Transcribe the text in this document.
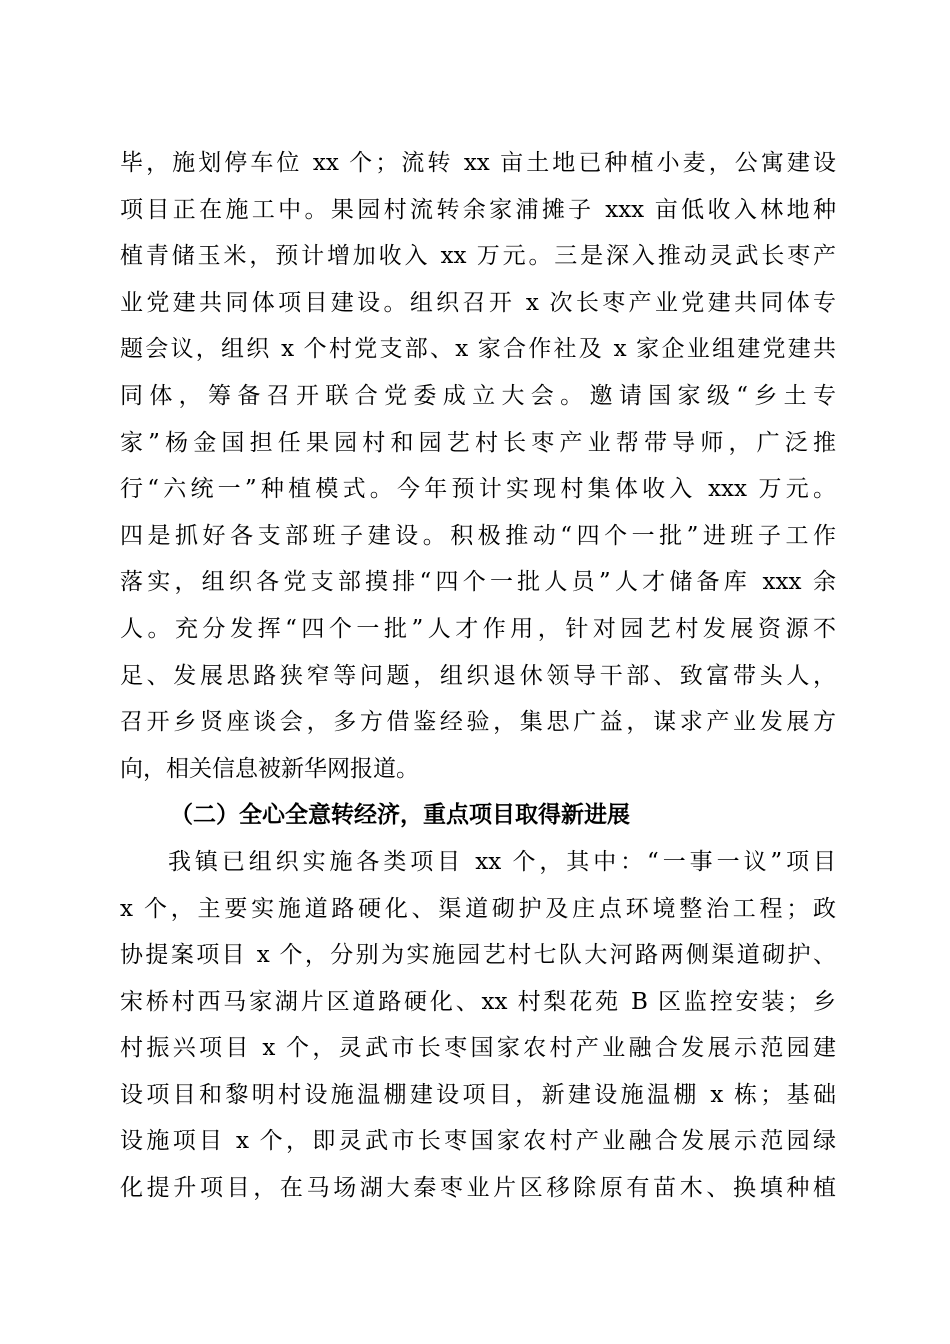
毕，施划停车位 xx 个；流转 xx 亩土地已种植小麦，公寓建设
项目正在施工中。果园村流转余家浦摊子 xxx 亩低收入林地种
植青储玉米，预计增加收入 xx 万元。三是深入推动灵武长枣产
业党建共同体项目建设。组织召开 x 次长枣产业党建共同体专
题会议，组织 x 个村党支部、x 家合作社及 x 家企业组建党建共
同体，筹备召开联合党委成立大会。邀请国家级“乡土专
家”杨金国担任果园村和园艺村长枣产业帮带导师，广泛推
行“六统一”种植模式。今年预计实现村集体收入 xxx 万元。
四是抓好各支部班子建设。积极推动“四个一批”进班子工作
落实，组织各党支部摸排“四个一批人员”人才储备库 xxx 余
人。充分发挥“四个一批”人才作用，针对园艺村发展资源不
足、发展思路狭窄等问题，组织退休领导干部、致富带头人，
召开乡贤座谈会，多方借鉴经验，集思广益，谋求产业发展方
向，相关信息被新华网报道。
（二）全心全意转经济，重点项目取得新进展
我镇已组织实施各类项目 xx 个，其中：“一事一议”项目
x 个，主要实施道路硬化、渠道砌护及庄点环境整治工程；政
协提案项目 x 个，分别为实施园艺村七队大河路两侧渠道砌护、
宋桥村西马家湖片区道路硬化、xx 村梨花苑 B 区监控安装；乡
村振兴项目 x 个，灵武市长枣国家农村产业融合发展示范园建
设项目和黎明村设施温棚建设项目，新建设施温棚 x 栋；基础
设施项目 x 个，即灵武市长枣国家农村产业融合发展示范园绿
化提升项目，在马场湖大秦枣业片区移除原有苗木、换填种植
